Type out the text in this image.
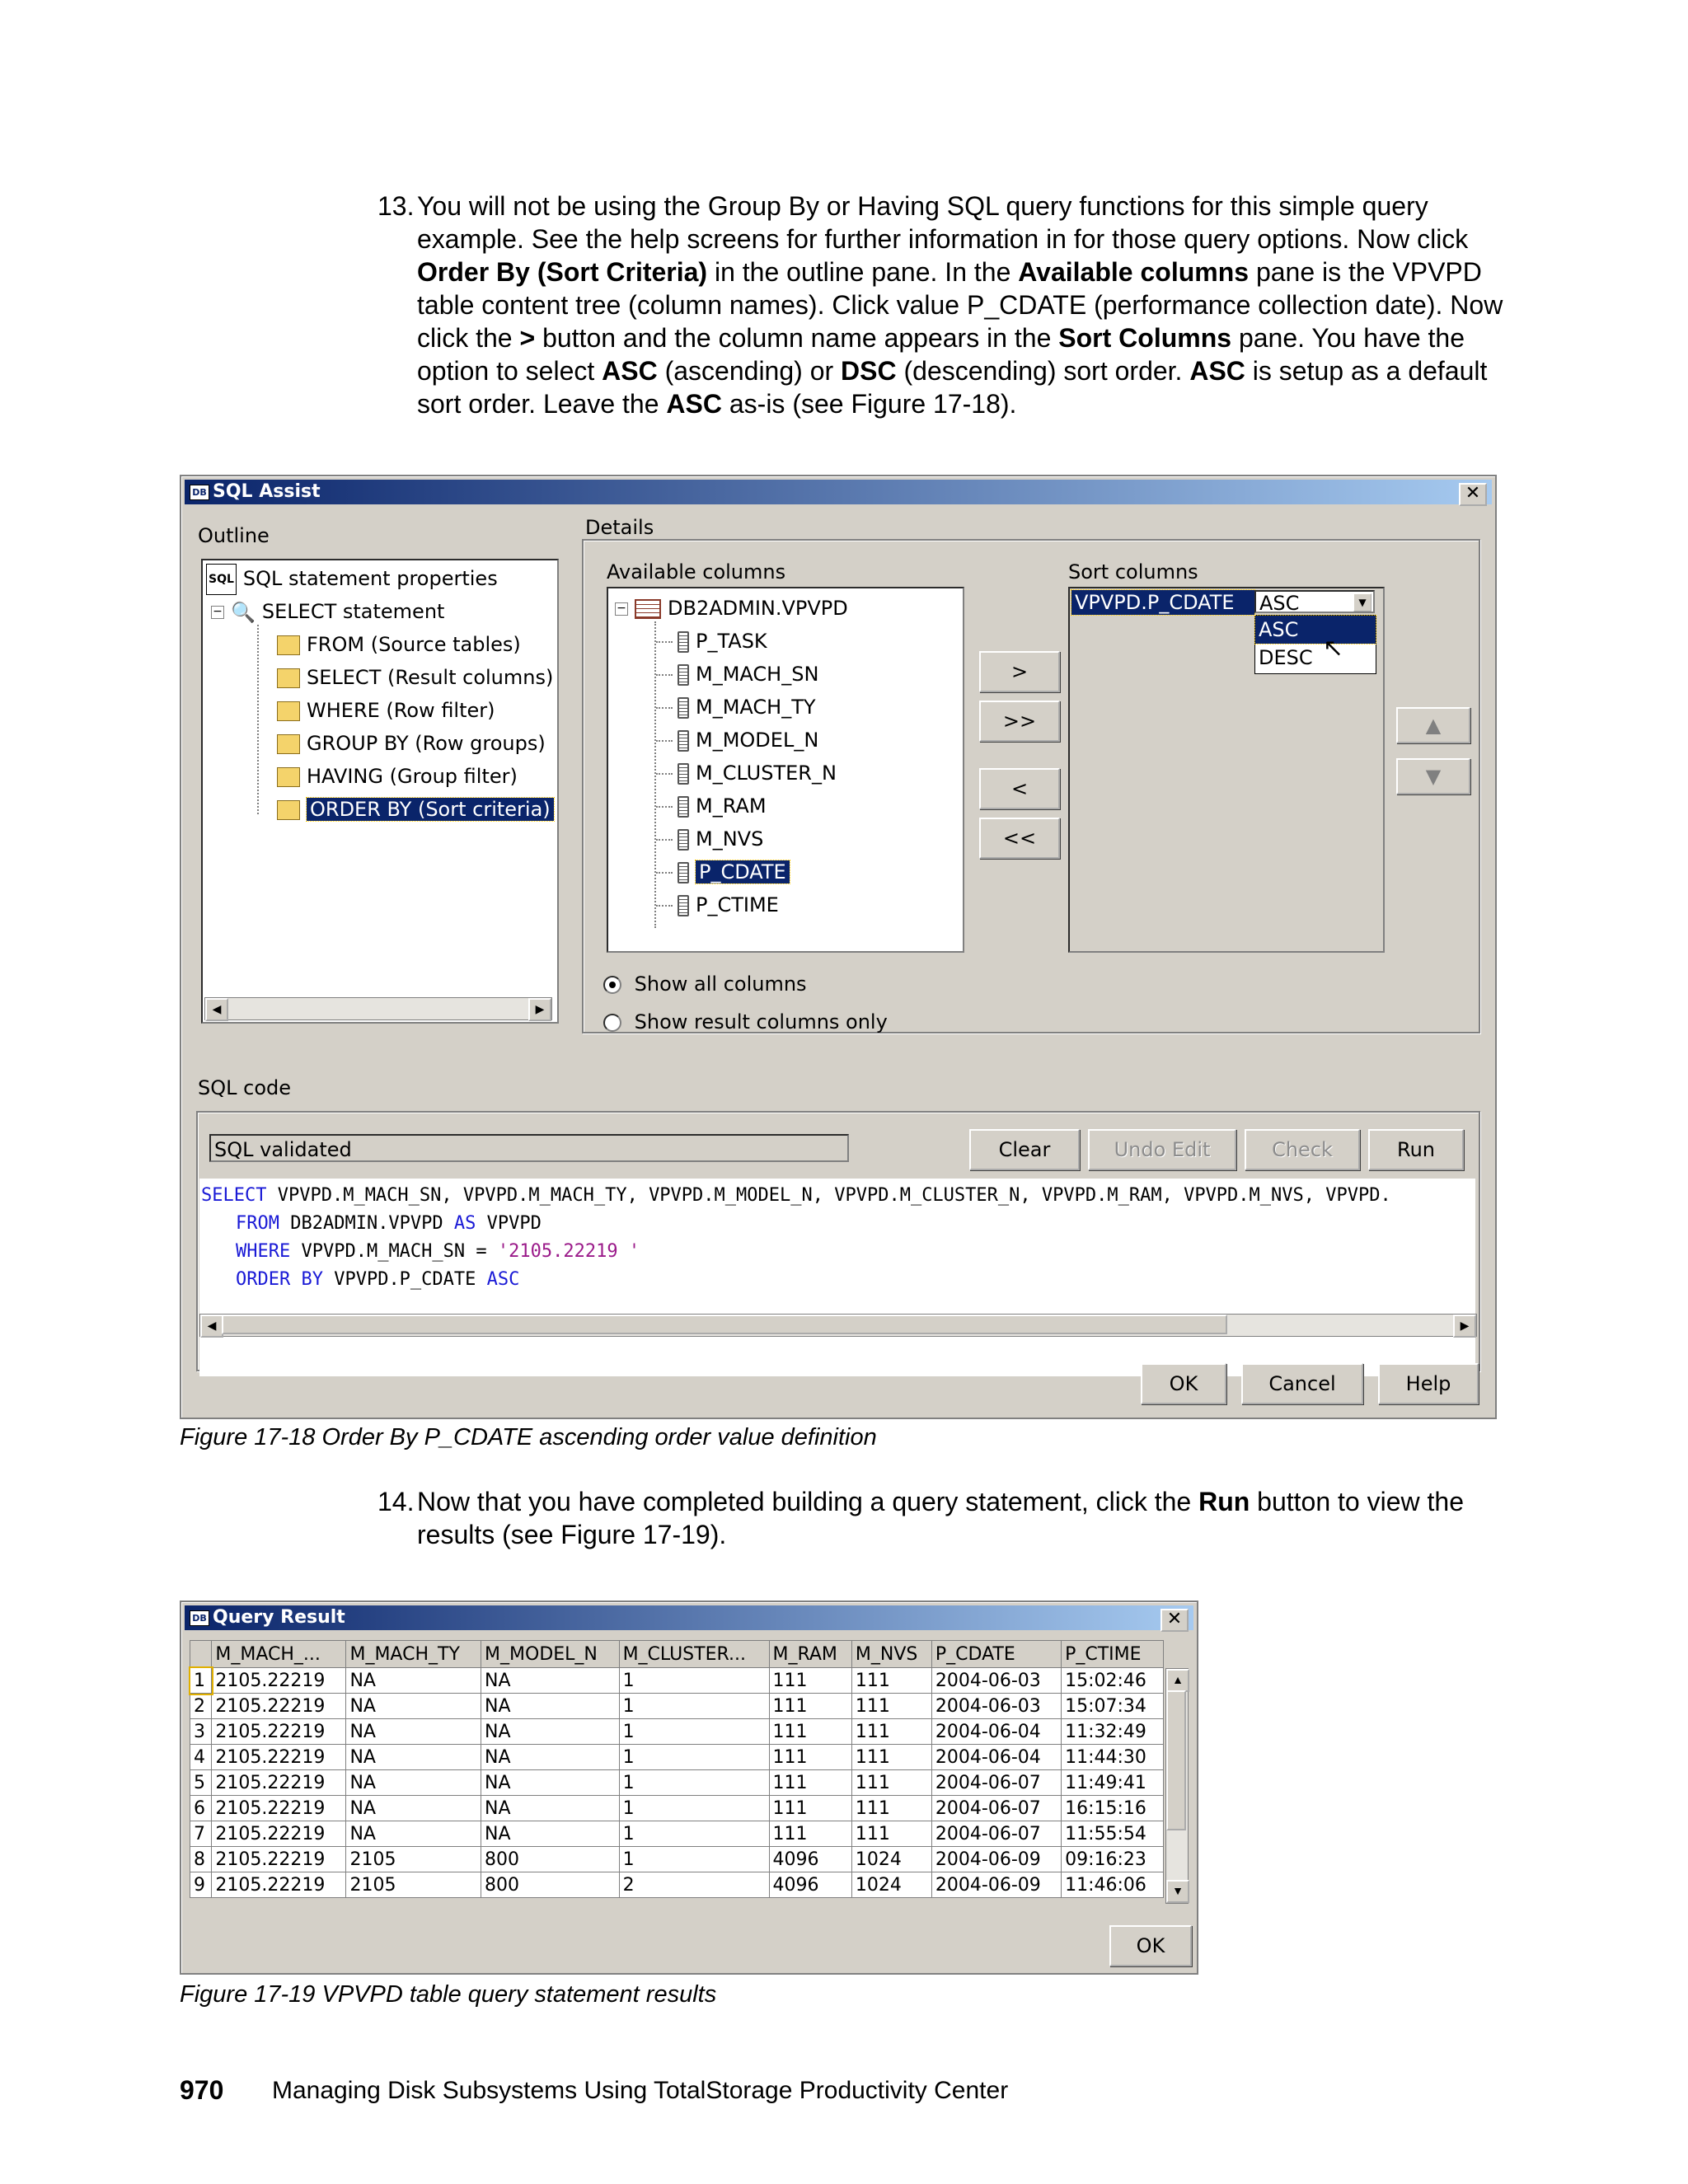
13. You will not be using the Group By or Having SQL query functions for this simple query example. See the help screens for further information in for those query options. Now click Order By (Sort Criteria) in the outline pane. In the Available columns pane is the VPVPD table content tree (column names). Click value P_CDATE (performance collection date). Now click the > button and the column name appears in the Sort Columns pane. You have the option to select ASC (ascending) or DSC (descending) sort order. ASC is setup as a default sort order. Leave the ASC as-is (see Figure 17-18).
DB SQL Assist	✕
Outline
SQL SQL statement properties
− 🔍 SELECT statement
FROM (Source tables)
SELECT (Result columns)
WHERE (Row filter)
GROUP BY (Row groups)
HAVING (Group filter)
ORDER BY (Sort criteria)
◀	▶
Details
Available columns
− DB2ADMIN.VPVPD
P_TASK
M_MACH_SN
M_MACH_TY
M_MODEL_N
M_CLUSTER_N
M_RAM
M_NVS
P_CDATE
P_CTIME
>
>>
<
<<
Sort columns
VPVPD.P_CDATE	ASC	▼
ASC
DESC ↖
▲
▼
Show all columns
Show result columns only
SQL code
SQL validated	Clear	Undo Edit	Check	Run
SELECT VPVPD.M_MACH_SN, VPVPD.M_MACH_TY, VPVPD.M_MODEL_N, VPVPD.M_CLUSTER_N, VPVPD.M_RAM, VPVPD.M_NVS, VPVPD.
FROM DB2ADMIN.VPVPD AS VPVPD
WHERE VPVPD.M_MACH_SN = '2105.22219 '
ORDER BY VPVPD.P_CDATE ASC
◀	▶
OK	Cancel	Help
Figure 17-18 Order By P_CDATE ascending order value definition
14. Now that you have completed building a query statement, click the Run button to view the results (see Figure 17-19).
DB Query Result	✕
	M_MACH_...	M_MACH_TY	M_MODEL_N	M_CLUSTER...	M_RAM	M_NVS	P_CDATE	P_CTIME
1	2105.22219	NA	NA	1	111	111	2004-06-03	15:02:46
2	2105.22219	NA	NA	1	111	111	2004-06-03	15:07:34
3	2105.22219	NA	NA	1	111	111	2004-06-04	11:32:49
4	2105.22219	NA	NA	1	111	111	2004-06-04	11:44:30
5	2105.22219	NA	NA	1	111	111	2004-06-07	11:49:41
6	2105.22219	NA	NA	1	111	111	2004-06-07	16:15:16
7	2105.22219	NA	NA	1	111	111	2004-06-07	11:55:54
8	2105.22219	2105	800	1	4096	1024	2004-06-09	09:16:23
9	2105.22219	2105	800	2	4096	1024	2004-06-09	11:46:06
▲
▼
OK
Figure 17-19 VPVPD table query statement results
970 Managing Disk Subsystems Using TotalStorage Productivity Center
